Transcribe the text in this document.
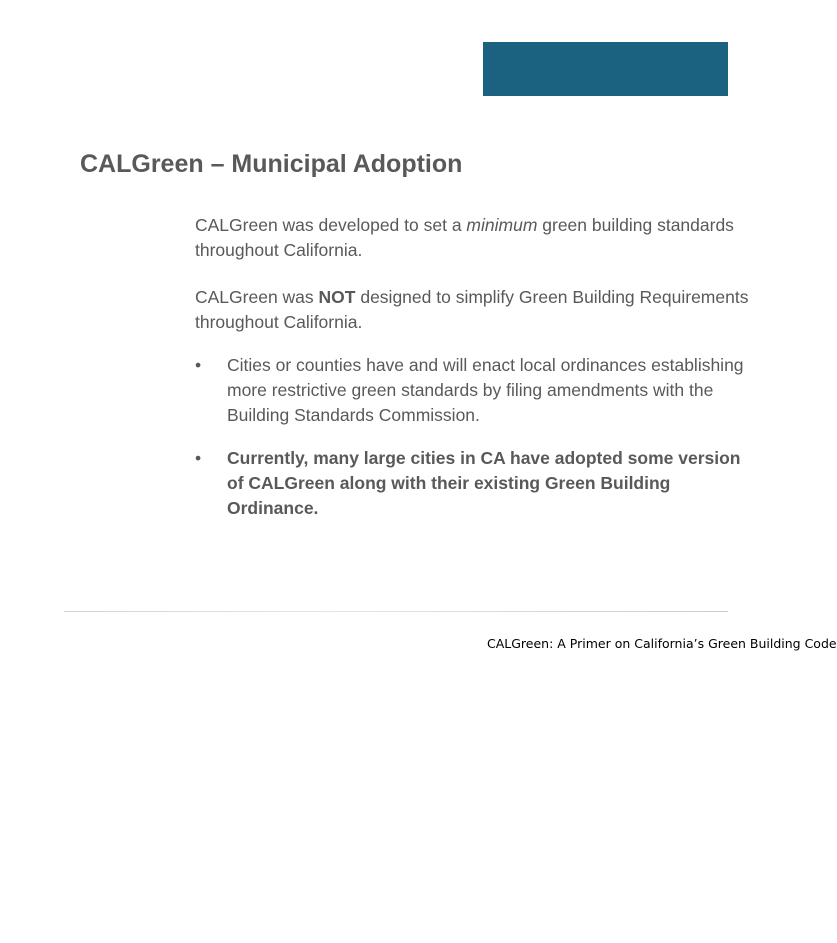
CALGreen – Municipal Adoption

CALGreen was developed to set a minimum green building standards
throughout California.

CALGreen was NOT designed to simplify Green Building Requirements
throughout California.

• Cities or counties have and will enact local ordinances establishing
more restrictive green standards by filing amendments with the
Building Standards Commission.

• Currently, many large cities in CA have adopted some version
of CALGreen along with their existing Green Building
Ordinance.

CALGreen: A Primer on California’s Green Building Code
